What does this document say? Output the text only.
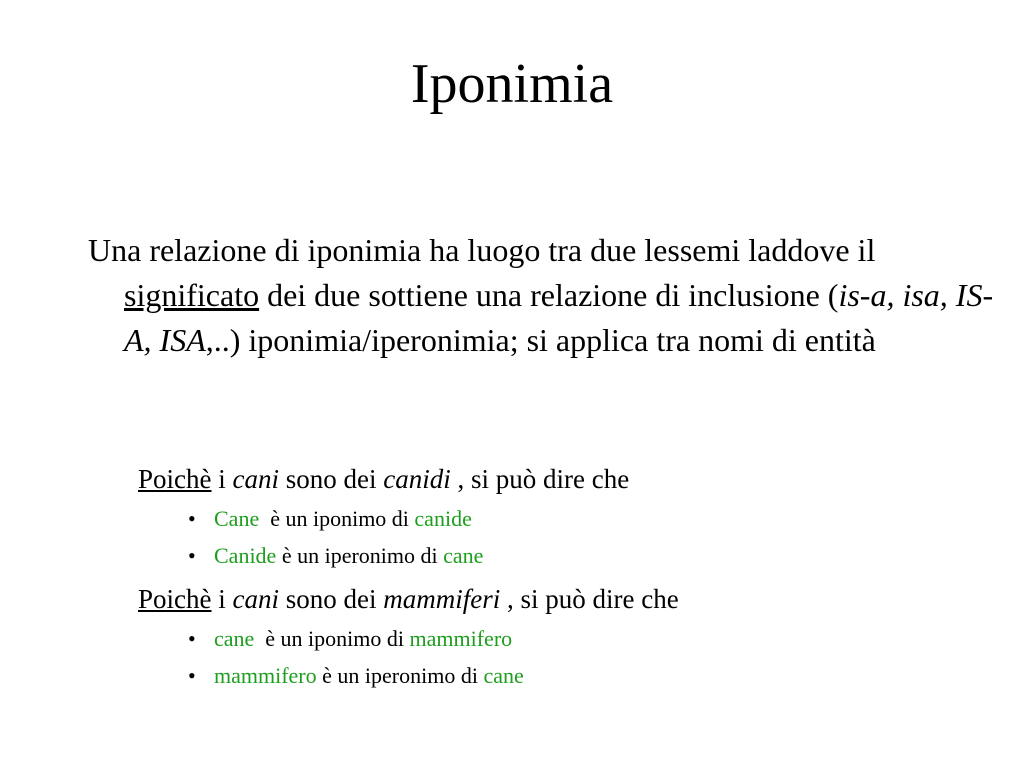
Iponimia
Una relazione di iponimia ha luogo tra due lessemi laddove il significato dei due sottiene una relazione di inclusione (is-a, isa, IS-A, ISA,..) iponimia/iperonimia; si applica tra nomi di entità
Poichè i cani sono dei canidi , si può dire che
• Cane  è un iponimo di canide
• Canide è un iperonimo di cane
Poichè i cani sono dei mammiferi , si può dire che
• cane  è un iponimo di mammifero
• mammifero è un iperonimo di cane
